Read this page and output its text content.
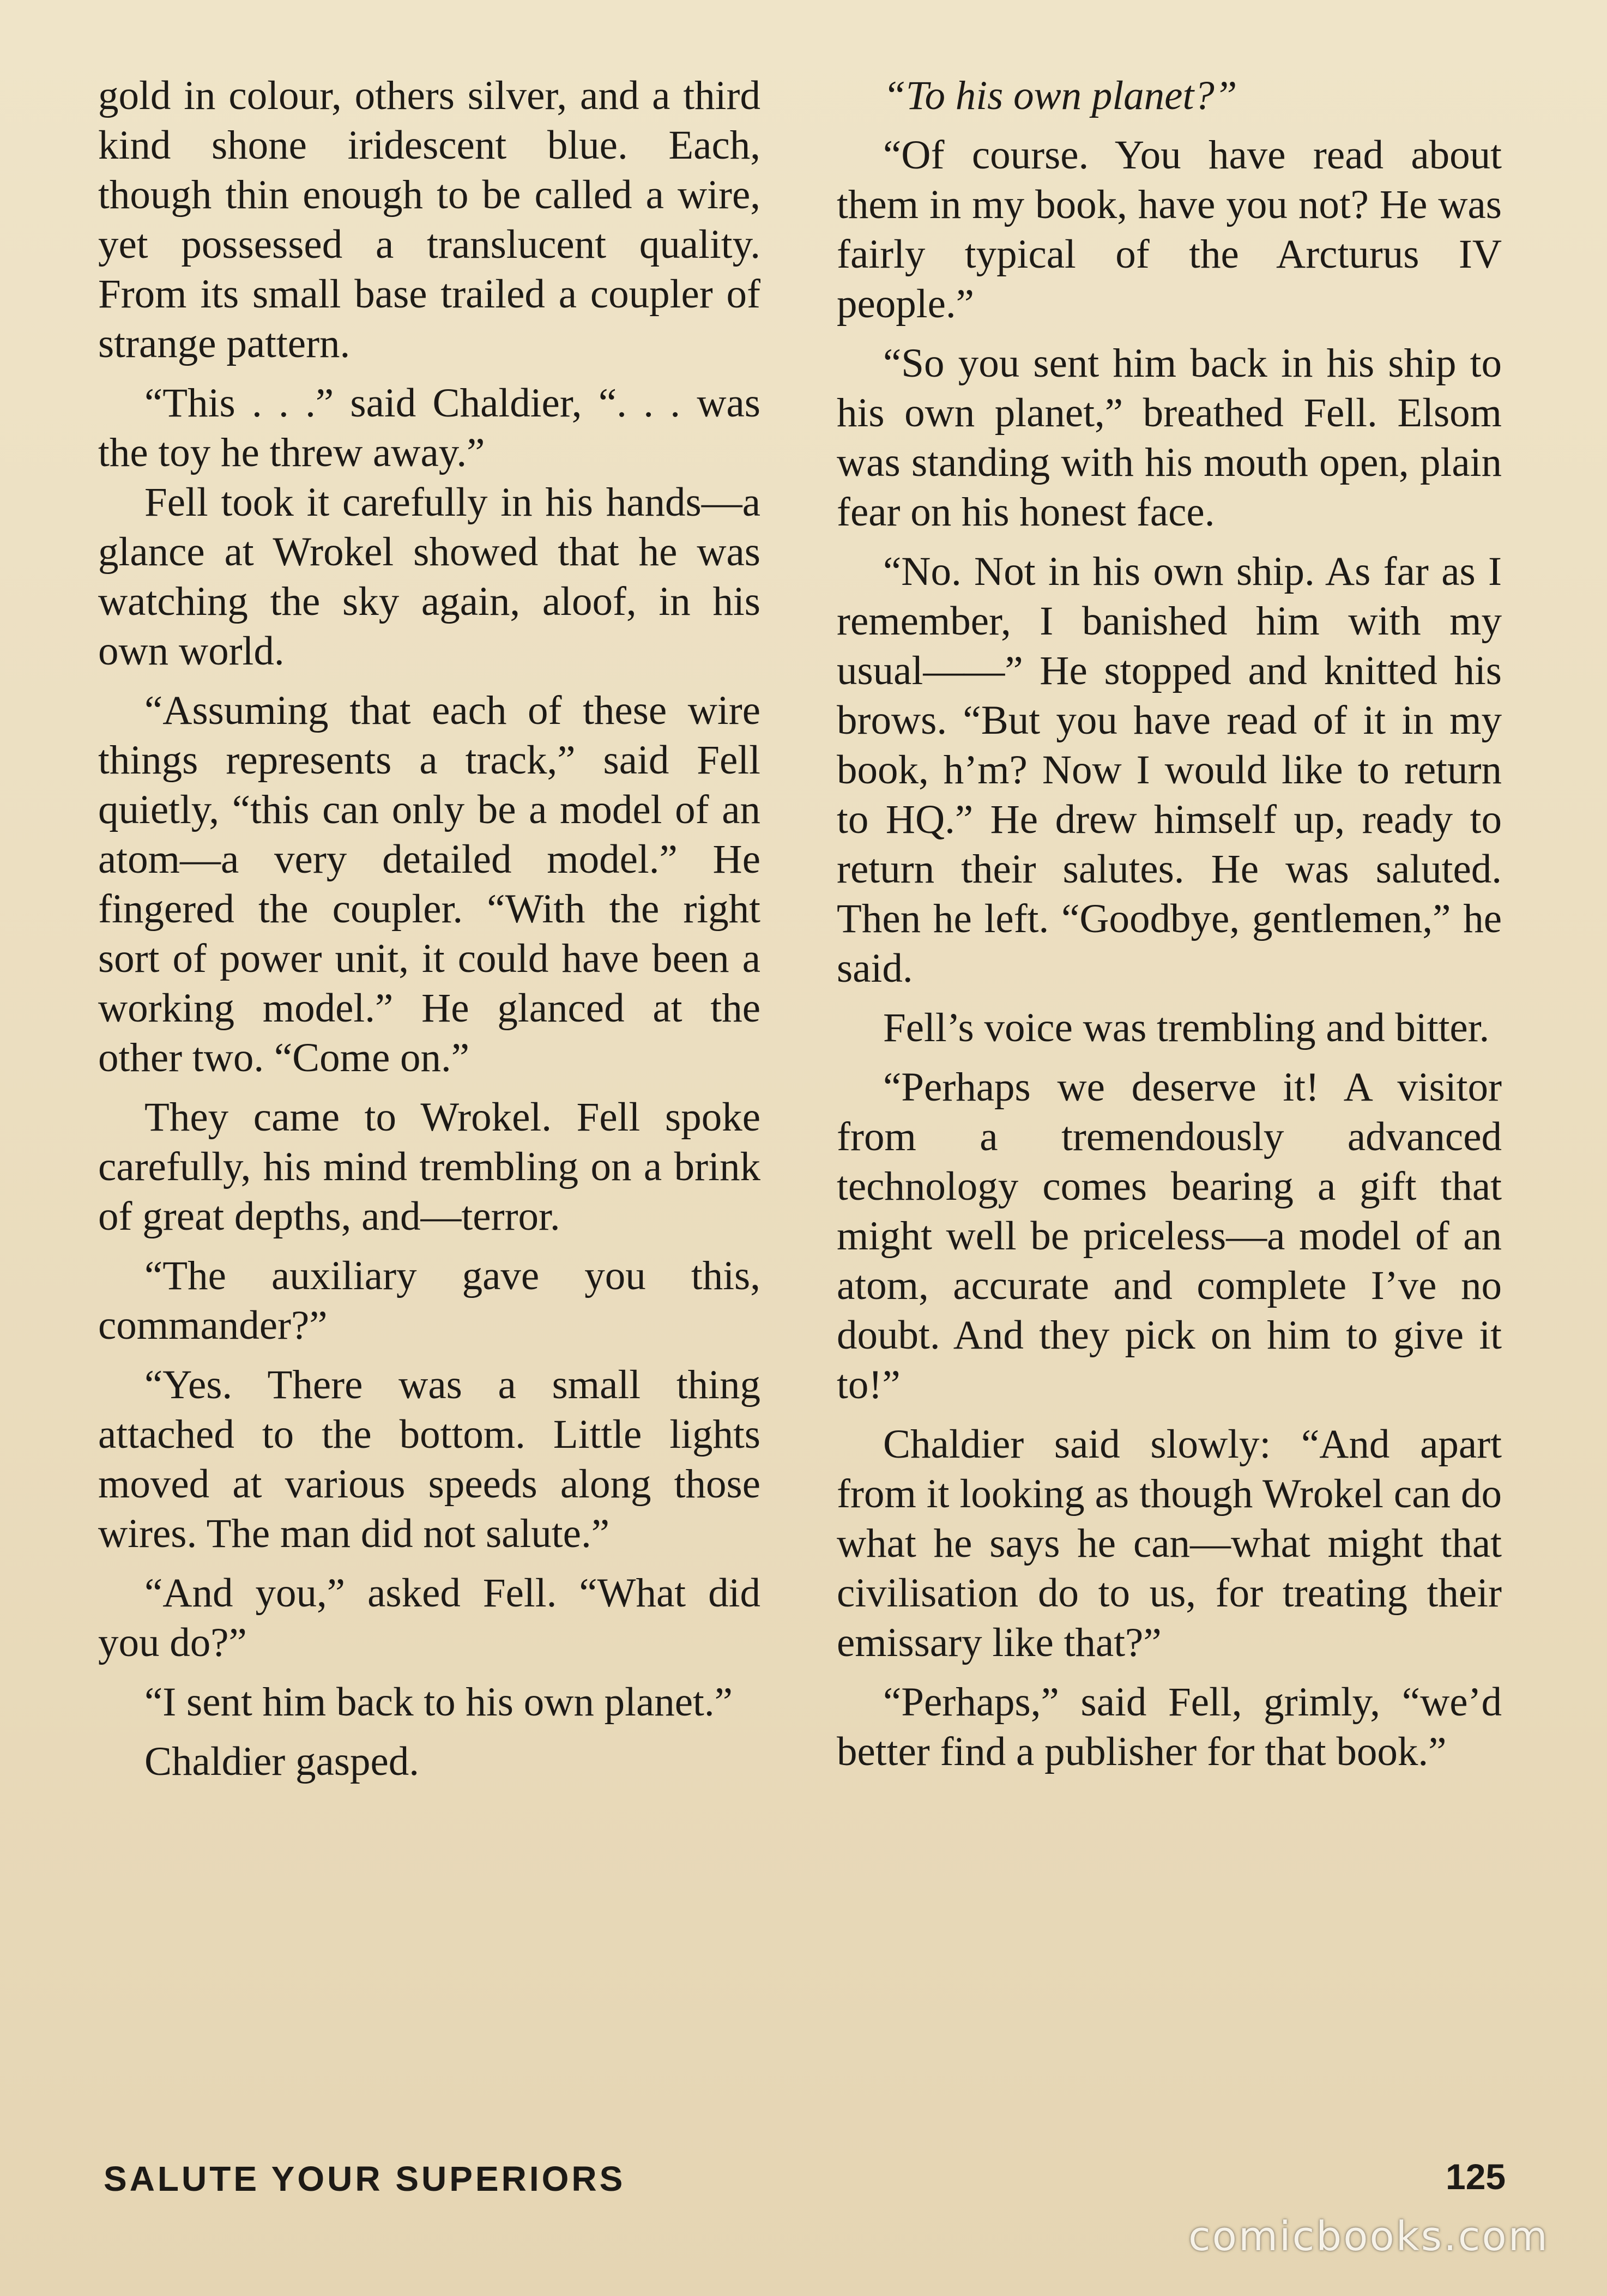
gold in colour, others silver, and a third kind shone iridescent blue. Each, though thin enough to be called a wire, yet possessed a translucent quality. From its small base trailed a coupler of strange pattern.

“This . . .” said Chaldier, “. . . was the toy he threw away.”

Fell took it carefully in his hands—a glance at Wrokel showed that he was watching the sky again, aloof, in his own world.

“Assuming that each of these wire things represents a track,” said Fell quietly, “this can only be a model of an atom—a very detailed model.” He fingered the coupler. “With the right sort of power unit, it could have been a working model.” He glanced at the other two. “Come on.”

They came to Wrokel. Fell spoke carefully, his mind trembling on a brink of great depths, and—terror.

“The auxiliary gave you this, commander?”

“Yes. There was a small thing attached to the bottom. Little lights moved at various speeds along those wires. The man did not salute.”

“And you,” asked Fell. “What did you do?”

“I sent him back to his own planet.”

Chaldier gasped.

“To his own planet?”

“Of course. You have read about them in my book, have you not? He was fairly typical of the Arcturus IV people.”

“So you sent him back in his ship to his own planet,” breathed Fell. Elsom was standing with his mouth open, plain fear on his honest face.

“No. Not in his own ship. As far as I remember, I banished him with my usual——” He stopped and knitted his brows. “But you have read of it in my book, h’m? Now I would like to return to HQ.” He drew himself up, ready to return their salutes. He was saluted. Then he left. “Goodbye, gentlemen,” he said.

Fell’s voice was trembling and bitter.

“Perhaps we deserve it! A visitor from a tremendously advanced technology comes bearing a gift that might well be priceless—a model of an atom, accurate and complete I’ve no doubt. And they pick on him to give it to!”

Chaldier said slowly: “And apart from it looking as though Wrokel can do what he says he can—what might that civilisation do to us, for treating their emissary like that?”

“Perhaps,” said Fell, grimly, “we’d better find a publisher for that book.”

SALUTE YOUR SUPERIORS	125
comicbooks.com
